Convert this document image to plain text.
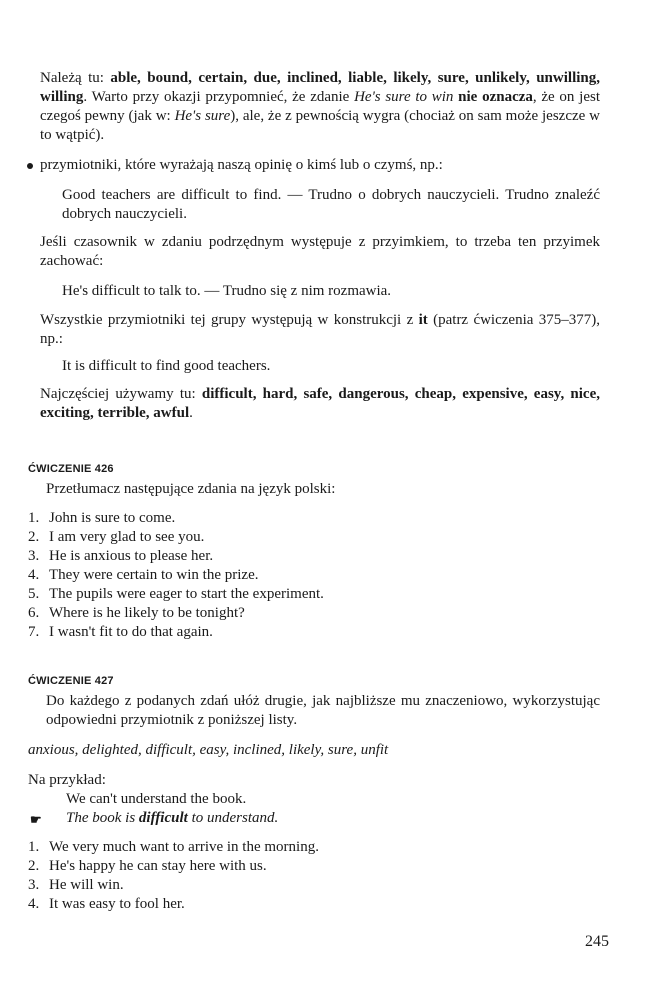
Należą tu: able, bound, certain, due, inclined, liable, likely, sure, unlikely, unwilling, willing. Warto przy okazji przypomnieć, że zdanie He's sure to win nie oznacza, że on jest czegoś pewny (jak w: He's sure), ale, że z pewnością wygra (chociaż on sam może jeszcze w to wątpić).

przymiotniki, które wyrażają naszą opinię o kimś lub o czymś, np.:

Good teachers are difficult to find. — Trudno o dobrych nauczycieli. Trudno znaleźć dobrych nauczycieli.

Jeśli czasownik w zdaniu podrzędnym występuje z przyimkiem, to trzeba ten przyimek zachować:

He's difficult to talk to. — Trudno się z nim rozmawia.

Wszystkie przymiotniki tej grupy występują w konstrukcji z it (patrz ćwiczenia 375–377), np.:

It is difficult to find good teachers.

Najczęściej używamy tu: difficult, hard, safe, dangerous, cheap, expensive, easy, nice, exciting, terrible, awful.

ĆWICZENIE 426

Przetłumacz następujące zdania na język polski:

1. John is sure to come.
2. I am very glad to see you.
3. He is anxious to please her.
4. They were certain to win the prize.
5. The pupils were eager to start the experiment.
6. Where is he likely to be tonight?
7. I wasn't fit to do that again.
ĆWICZENIE 427

Do każdego z podanych zdań ułóż drugie, jak najbliższe mu znaczeniowo, wykorzystując odpowiedni przymiotnik z poniższej listy.

anxious, delighted, difficult, easy, inclined, likely, sure, unfit
Na przykład:
We can't understand the book.
☛ The book is difficult to understand.
1. We very much want to arrive in the morning.
2. He's happy he can stay here with us.
3. He will win.
4. It was easy to fool her.
245
